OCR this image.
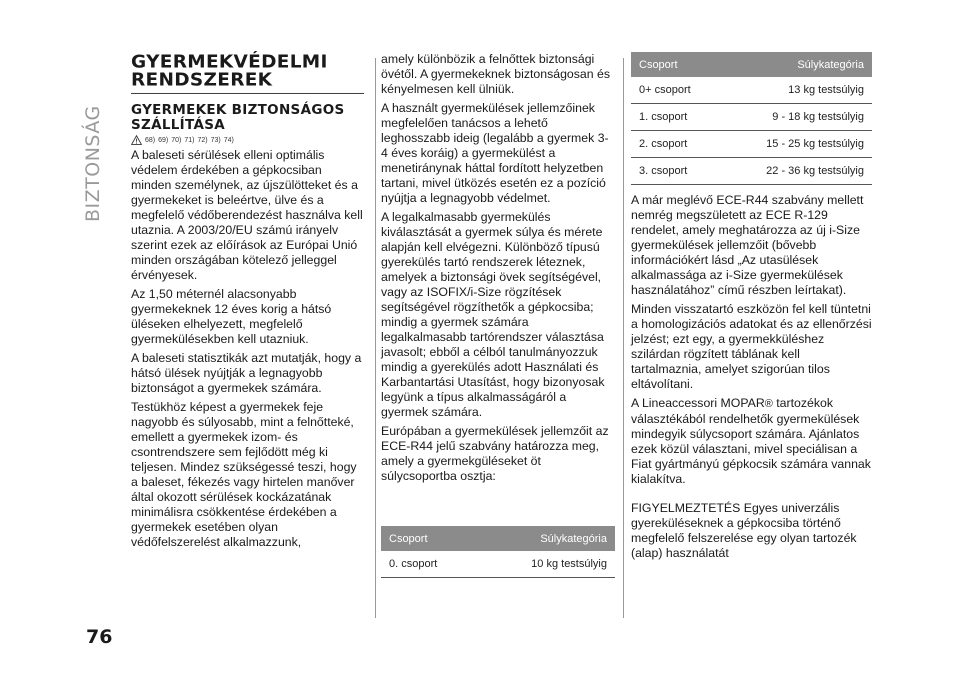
BIZTONSÁG
76
GYERMEKVÉDELMI RENDSZEREK
GYERMEKEK BIZTONSÁGOS SZÁLLÍTÁSA
68) 69) 70) 71) 72) 73) 74)

A baleseti sérülések elleni optimális védelem érdekében a gépkocsiban minden személynek, az újszülötteket és a gyermekeket is beleértve, ülve és a megfelelő védőberendezést használva kell utaznia. A 2003/20/EU számú irányelv szerint ezek az előírások az Európai Unió minden országában kötelező jelleggel érvényesek.

Az 1,50 méternél alacsonyabb gyermekeknek 12 éves korig a hátsó üléseken elhelyezett, megfelelő gyermekülésekben kell utazniuk.

A baleseti statisztikák azt mutatják, hogy a hátsó ülések nyújtják a legnagyobb biztonságot a gyermekek számára.

Testükhöz képest a gyermekek feje nagyobb és súlyosabb, mint a felnőtteké, emellett a gyermekek izom- és csontrendszere sem fejlődött még ki teljesen. Mindez szükségessé teszi, hogy a baleset, fékezés vagy hirtelen manőver által okozott sérülések kockázatának minimálisra csökkentése érdekében a gyermekek esetében olyan védőfelszerelést alkalmazzunk,

amely különbözik a felnőttek biztonsági övétől. A gyermekeknek biztonságosan és kényelmesen kell ülniük.

A használt gyermekülések jellemzőinek megfelelően tanácsos a lehető leghosszabb ideig (legalább a gyermek 3-4 éves koráig) a gyermekülést a menetiránynak háttal fordított helyzetben tartani, mivel ütközés esetén ez a pozíció nyújtja a legnagyobb védelmet.

A legalkalmasabb gyermekülés kiválasztását a gyermek súlya és mérete alapján kell elvégezni. Különböző típusú gyerekülés tartó rendszerek léteznek, amelyek a biztonsági övek segítségével, vagy az ISOFIX/i-Size rögzítések segítségével rögzíthetők a gépkocsiba; mindig a gyermek számára legalkalmasabb tartórendszer választása javasolt; ebből a célból tanulmányozzuk mindig a gyerekülés adott Használati és Karbantartási Utasítást, hogy bizonyosak legyünk a típus alkalmasságáról a gyermek számára.

Európában a gyermekülések jellemzőit az ECE-R44 jelű szabvány határozza meg, amely a gyermekgüléseket öt súlycsoportba osztja:

Csoport	Súlykategória
0. csoport	10 kg testsúlyig
Csoport	Súlykategória
0+ csoport	13 kg testsúlyig
1. csoport	9 - 18 kg testsúlyig
2. csoport	15 - 25 kg testsúlyig
3. csoport	22 - 36 kg testsúlyig

A már meglévő ECE-R44 szabvány mellett nemrég megszületett az ECE R-129 rendelet, amely meghatározza az új i-Size gyermekülések jellemzőit (bővebb információkért lásd „Az utasülések alkalmassága az i-Size gyermekülések használatához” című részben leírtakat).

Minden visszatartó eszközön fel kell tüntetni a homologizációs adatokat és az ellenőrzési jelzést; ezt egy, a gyermekküléshez szilárdan rögzített táblának kell tartalmaznia, amelyet szigorúan tilos eltávolítani.

A Lineaccessori MOPAR® tartozékok választékából rendelhetők gyermekülések mindegyik súlycsoport számára. Ajánlatos ezek közül választani, mivel speciálisan a Fiat gyártmányú gépkocsik számára vannak kialakítva.

FIGYELMEZTETÉS Egyes univerzális gyereküléseknek a gépkocsiba történő megfelelő felszerelése egy olyan tartozék (alap) használatát
